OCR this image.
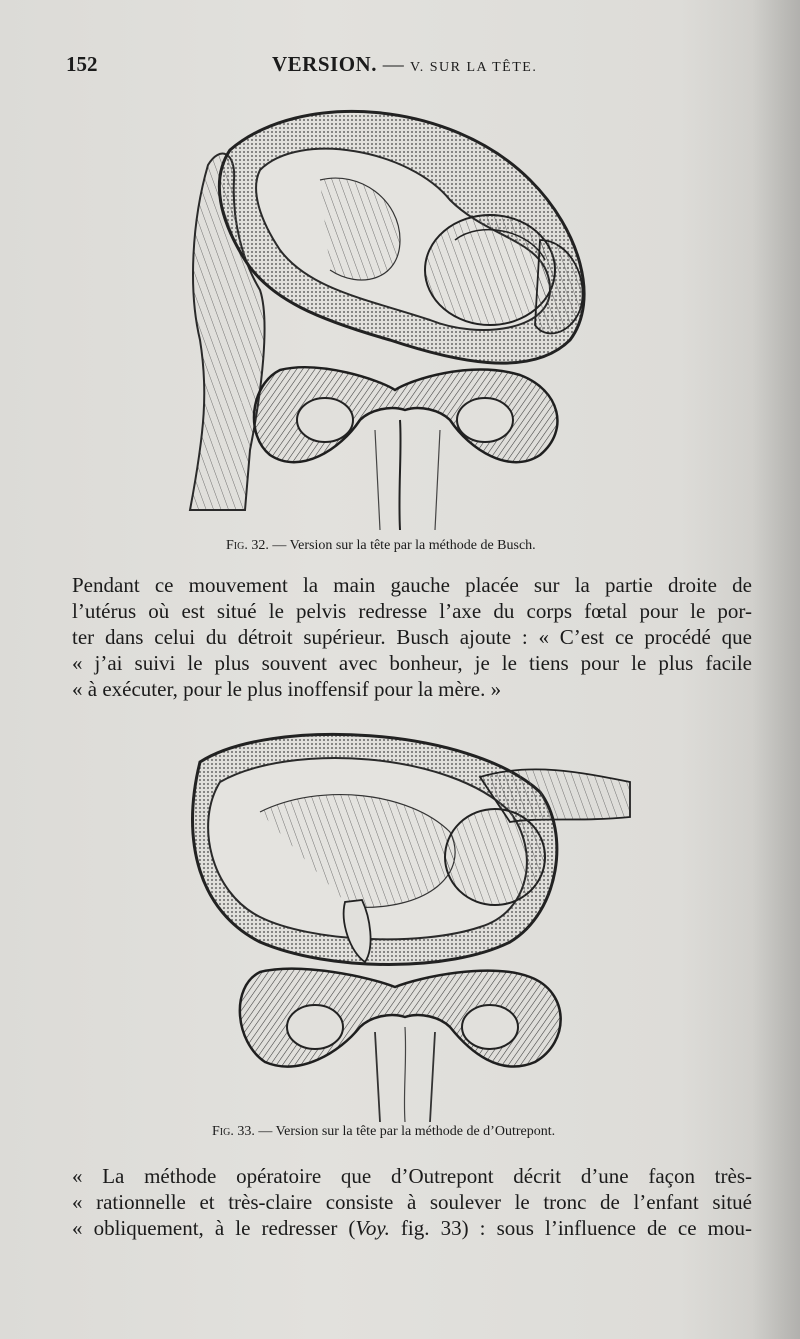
152	VERSION. — V. SUR LA TÊTE.
Fig. 32. — Version sur la tête par la méthode de Busch.
Pendant ce mouvement la main gauche placée sur la partie droite de
l’utérus où est situé le pelvis redresse l’axe du corps fœtal pour le por-
ter dans celui du détroit supérieur. Busch ajoute : « C’est ce procédé que
« j’ai suivi le plus souvent avec bonheur, je le tiens pour le plus facile
« à exécuter, pour le plus inoffensif pour la mère. »
Fig. 33. — Version sur la tête par la méthode de d’Outrepont.
« La méthode opératoire que d’Outrepont décrit d’une façon très-
« rationnelle et très-claire consiste à soulever le tronc de l’enfant situé
« obliquement, à le redresser (Voy. fig. 33) : sous l’influence de ce mou-
